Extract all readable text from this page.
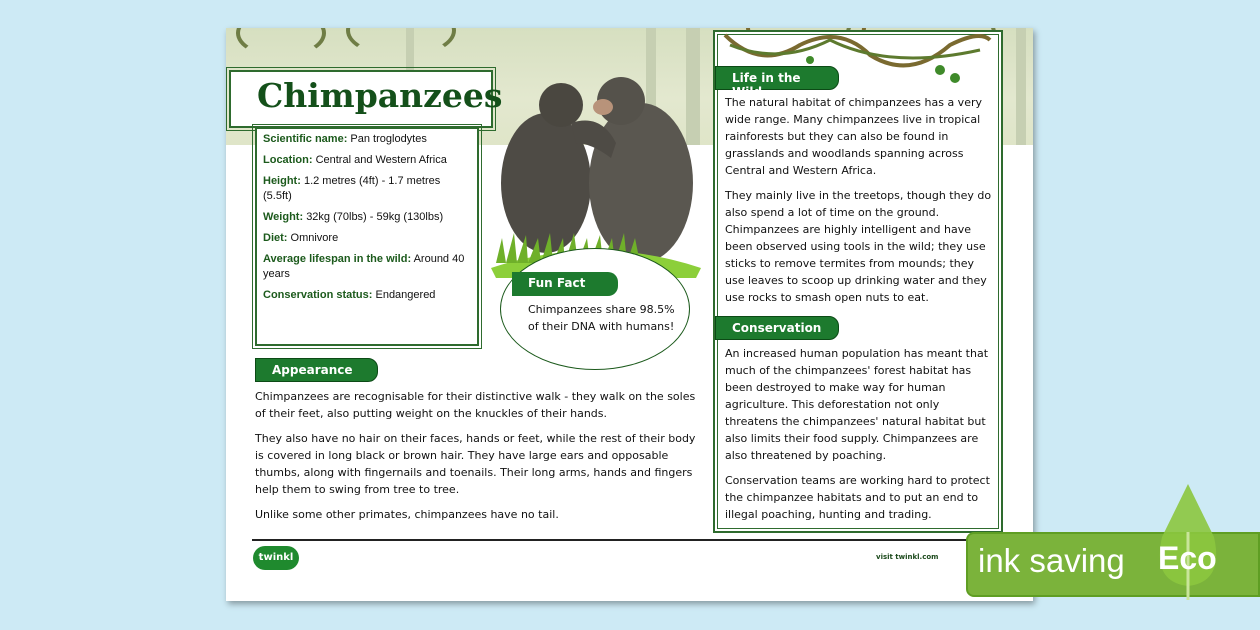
Chimpanzees

Scientific name: Pan troglodytes

Location: Central and Western Africa

Height: 1.2 metres (4ft) - 1.7 metres (5.5ft)

Weight: 32kg (70lbs) - 59kg (130lbs)

Diet: Omnivore

Average lifespan in the wild: Around 40 years

Conservation status: Endangered

Fun Fact
Chimpanzees share 98.5% of their DNA with humans!
Appearance

Chimpanzees are recognisable for their distinctive walk - they walk on the soles of their feet, also putting weight on the knuckles of their hands.

They also have no hair on their faces, hands or feet, while the rest of their body is covered in long black or brown hair. They have large ears and opposable thumbs, along with fingernails and toenails. Their long arms, hands and fingers help them to swing from tree to tree.

Unlike some other primates, chimpanzees have no tail.

Life in the Wild

The natural habitat of chimpanzees has a very wide range. Many chimpanzees live in tropical rainforests but they can also be found in grasslands and woodlands spanning across Central and Western Africa.

They mainly live in the treetops, though they do also spend a lot of time on the ground. Chimpanzees are highly intelligent and have been observed using tools in the wild; they use sticks to remove termites from mounds; they use leaves to scoop up drinking water and they use rocks to smash open nuts to eat.

Conservation

An increased human population has meant that much of the chimpanzees' forest habitat has been destroyed to make way for human agriculture. This deforestation not only threatens the chimpanzees' natural habitat but also limits their food supply. Chimpanzees are also threatened by poaching.

Conservation teams are working hard to protect the chimpanzee habitats and to put an end to illegal poaching, hunting and trading.

twinkl	visit twinkl.com ink saving Eco
